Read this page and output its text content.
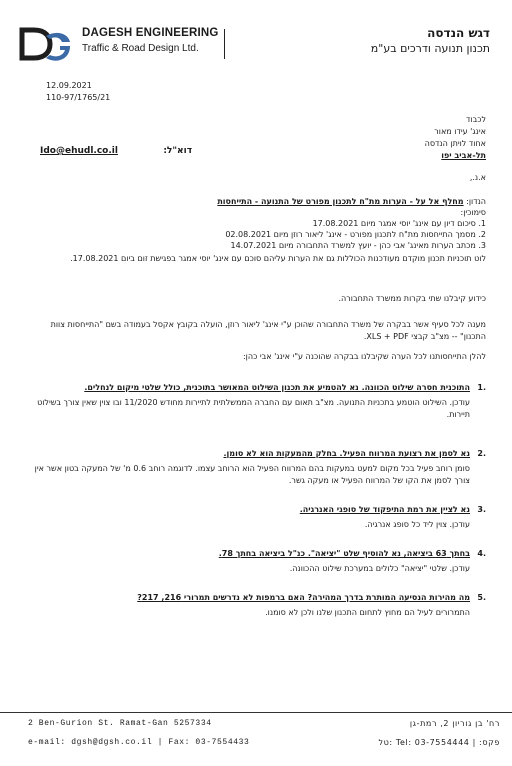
DAGESH ENGINEERING
Traffic & Road Design Ltd.
דגש הנדסה
תכנון תנועה ודרכים בע"מ
12.09.2021
110-97/1765/21
לכבוד
אינג' עידו מאור
אחוד לויתן הנדסה
תל-אביב יפו
דוא"ל:
Ido@ehudl.co.il
א.נ.,
הנדון: מחלף אל על - הערות מת"ח לתכנון מפורט של התנועה - התייחסות
סימוכין:
1. סיכום דיון עם אינג' יוסי אמגר מיום 17.08.2021
2. מסמך התייחסות מת"ח לתכנון מפורט - אינג' ליאור רוזן מיום 02.08.2021
3. מכתב הערות מאינג' אבי כהן - יועץ למשרד התחבורה מיום 14.07.2021
לוט תוכניות תכנון מוקדם מעודכנות הכוללות גם את הערות עליהם סוכם עם אינג' יוסי אמגר בפגישת זום ביום 17.08.2021.
כידוע קיבלנו שתי בקרות ממשרד התחבורה.
מענה לכל סעיף אשר בבקרה של משרד התחבורה שהוכן ע"י אינג' ליאור רוזן, הועלה בקובץ אקסל בעמודה בשם "התייחסות צוות התכנון" -- מצ"ב קבצי XLS + PDF.
להלן התייחסותנו לכל הערה שקיבלנו בבקרה שהוכנה ע"י אינג' אבי כהן:
.1
התוכנית חסרה שילוט הכוונה. נא להטמיע את תכנון השילוט המאושר בתוכנית, כולל שלטי מיקום לנחלים.
עודכן. השילוט הוטמע בתכניות התנועה. מצ"ב תאום עם החברה הממשלתית לתיירות מחודש 11/2020 ובו צוין שאין צורך בשילוט תיירות.
.2
נא לסמן את רצועת המרווח הפעיל. בחלק מהמעקות הוא לא סומן.
סומן רוחב פעיל בכל מקום למעט במעקות בהם המרווח הפעיל הוא הרוחב עצמו. לדוגמה רוחב 0.6 מ' של המעקה בטון אשר אין צורך לסמן את הקו של המרווח הפעיל או מעקה גשר.
.3
נא לציין את רמת התיפקוד של סופגי האנרגיה.
עודכן. צוין ליד כל סופג אנרגיה.
.4
בחתך 63 ביציאה, נא להוסיף שלט "יציאה". כנ"ל ביציאה בחתך 78.
עודכן. שלטי "יציאה" כלולים במערכת שילוט ההכוונה.
.5
מה מהירות הנסיעה המותרת בדרך המהירה? האם ברמפות לא נדרשים תמרורי 216, 217?
התמרורים לעיל הם מחוץ לתחום התכנון שלנו ולכן לא סומנו.
2 Ben-Gurion St. Ramat-Gan 5257334	רח' בן גוריון 2, רמת-גן
e-mail: dgsh@dgsh.co.il | Fax: 03-7554433	פקס: | Tel: 03-7554444 :טל
